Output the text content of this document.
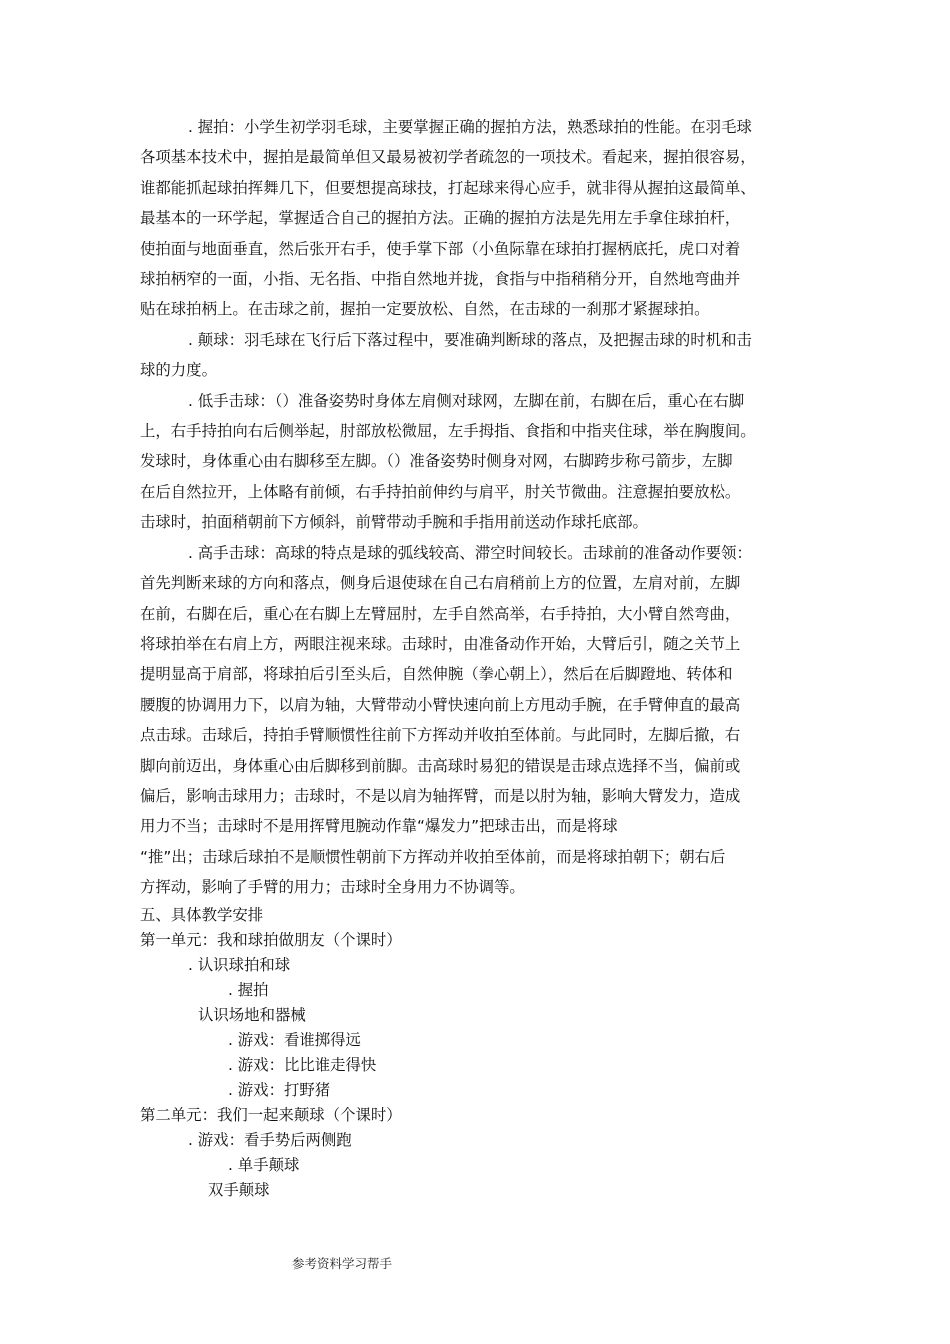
. 握拍：小学生初学羽毛球，主要掌握正确的握拍方法，熟悉球拍的性能。在羽毛球
各项基本技术中，握拍是最简单但又最易被初学者疏忽的一项技术。看起来，握拍很容易，
谁都能抓起球拍挥舞几下，但要想提高球技，打起球来得心应手，就非得从握拍这最简单、
最基本的一环学起，掌握适合自己的握拍方法。正确的握拍方法是先用左手拿住球拍杆，
使拍面与地面垂直，然后张开右手，使手掌下部（小鱼际靠在球拍打握柄底托，虎口对着
球拍柄窄的一面，小指、无名指、中指自然地并拢，食指与中指稍稍分开，自然地弯曲并
贴在球拍柄上。在击球之前，握拍一定要放松、自然，在击球的一刹那才紧握球拍。

. 颠球：羽毛球在飞行后下落过程中，要准确判断球的落点，及把握击球的时机和击
球的力度。

. 低手击球：（）准备姿势时身体左肩侧对球网，左脚在前，右脚在后，重心在右脚
上，右手持拍向右后侧举起，肘部放松微屈，左手拇指、食指和中指夹住球，举在胸腹间。
发球时，身体重心由右脚移至左脚。（）准备姿势时侧身对网，右脚跨步称弓箭步，左脚
在后自然拉开，上体略有前倾，右手持拍前伸约与肩平，肘关节微曲。注意握拍要放松。
击球时，拍面稍朝前下方倾斜，前臂带动手腕和手指用前送动作球托底部。

. 高手击球：高球的特点是球的弧线较高、滞空时间较长。击球前的准备动作要领：
首先判断来球的方向和落点，侧身后退使球在自己右肩稍前上方的位置，左肩对前，左脚
在前，右脚在后，重心在右脚上左臂屈肘，左手自然高举，右手持拍，大小臂自然弯曲，
将球拍举在右肩上方，两眼注视来球。击球时，由准备动作开始，大臂后引，随之关节上
提明显高于肩部，将球拍后引至头后，自然伸腕（拳心朝上），然后在后脚蹬地、转体和
腰腹的协调用力下，以肩为轴，大臂带动小臂快速向前上方甩动手腕，在手臂伸直的最高
点击球。击球后，持拍手臂顺惯性往前下方挥动并收拍至体前。与此同时，左脚后撤，右
脚向前迈出，身体重心由后脚移到前脚。击高球时易犯的错误是击球点选择不当，偏前或
偏后，影响击球用力；击球时，不是以肩为轴挥臂，而是以肘为轴，影响大臂发力，造成
用力不当；击球时不是用挥臂甩腕动作靠“爆发力”把球击出，而是将球

“推”出；击球后球拍不是顺惯性朝前下方挥动并收拍至体前，而是将球拍朝下；朝右后
方挥动，影响了手臂的用力；击球时全身用力不协调等。
五、具体教学安排
第一单元：我和球拍做朋友（个课时）
. 认识球拍和球
. 握拍
认识场地和器械
. 游戏：看谁掷得远
. 游戏：比比谁走得快
. 游戏：打野猪
第二单元：我们一起来颠球（个课时）
. 游戏：看手势后两侧跑
. 单手颠球
双手颠球
参考资料学习帮手
